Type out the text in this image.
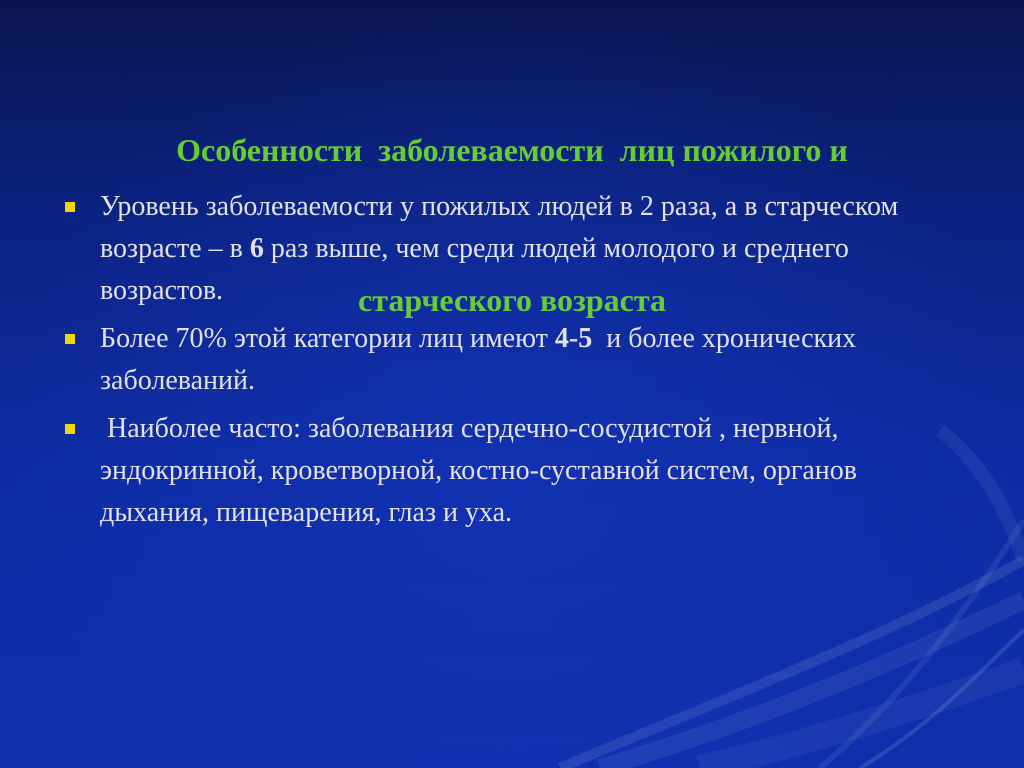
Особенности  заболеваемости  лиц пожилого и

старческого возраста

Уровень заболеваемости у пожилых людей в 2 раза, а в старческом возрасте – в 6 раз выше, чем среди людей молодого и среднего возрастов.
Более 70% этой категории лиц имеют 4-5  и более хронических заболеваний.
Наиболее часто: заболевания сердечно-сосудистой , нервной, эндокринной, кроветворной, костно-суставной систем, органов дыхания, пищеварения, глаз и уха.
